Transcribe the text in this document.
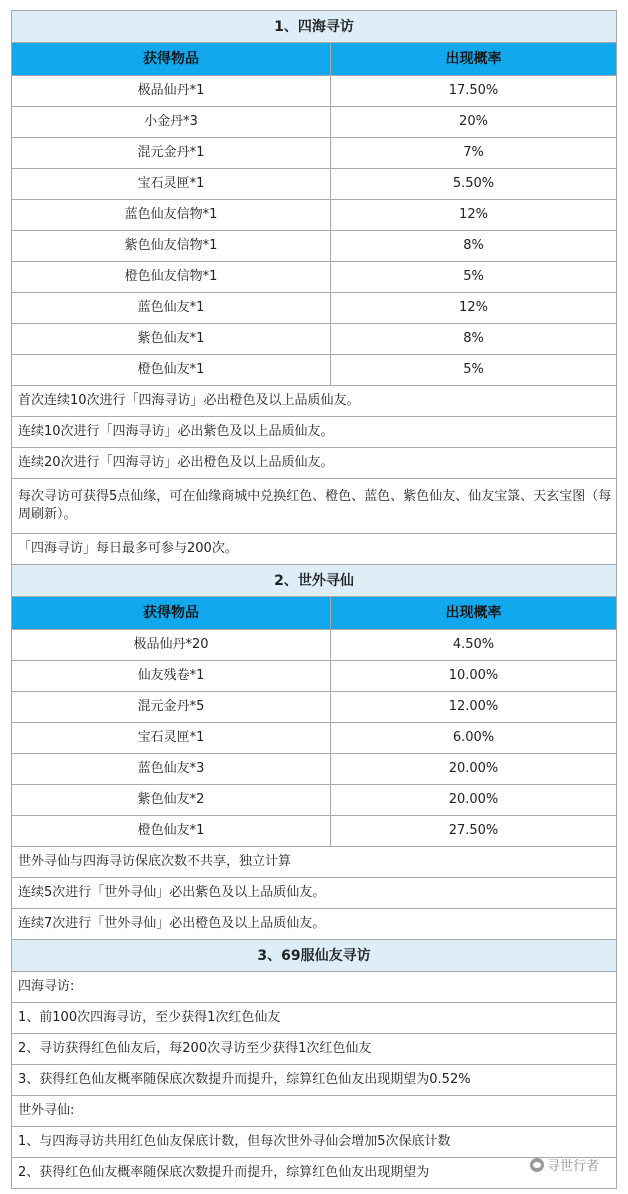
1、四海寻访	
获得物品	出现概率
极品仙丹*1	17.50%
小金丹*3	20%
混元金丹*1	7%
宝石灵匣*1	5.50%
蓝色仙友信物*1	12%
紫色仙友信物*1	8%
橙色仙友信物*1	5%
蓝色仙友*1	12%
紫色仙友*1	8%
橙色仙友*1	5%
首次连续10次进行「四海寻访」必出橙色及以上品质仙友。	
连续10次进行「四海寻访」必出紫色及以上品质仙友。	
连续20次进行「四海寻访」必出橙色及以上品质仙友。	
每次寻访可获得5点仙缘，可在仙缘商城中兑换红色、橙色、蓝色、紫色仙友、仙友宝箓、天玄宝图（每周刷新）。	
「四海寻访」每日最多可参与200次。	
2、世外寻仙	
获得物品	出现概率
极品仙丹*20	4.50%
仙友残卷*1	10.00%
混元金丹*5	12.00%
宝石灵匣*1	6.00%
蓝色仙友*3	20.00%
紫色仙友*2	20.00%
橙色仙友*1	27.50%
世外寻仙与四海寻访保底次数不共享，独立计算	
连续5次进行「世外寻仙」必出紫色及以上品质仙友。	
连续7次进行「世外寻仙」必出橙色及以上品质仙友。	
3、69服仙友寻访	
四海寻访:	
1、前100次四海寻访，至少获得1次红色仙友	
2、寻访获得红色仙友后，每200次寻访至少获得1次红色仙友	
3、获得红色仙友概率随保底次数提升而提升，综算红色仙友出现期望为0.52%	
世外寻仙:	
1、与四海寻访共用红色仙友保底计数，但每次世外寻仙会增加5次保底计数	
2、获得红色仙友概率随保底次数提升而提升，综算红色仙友出现期望为		寻世行者
